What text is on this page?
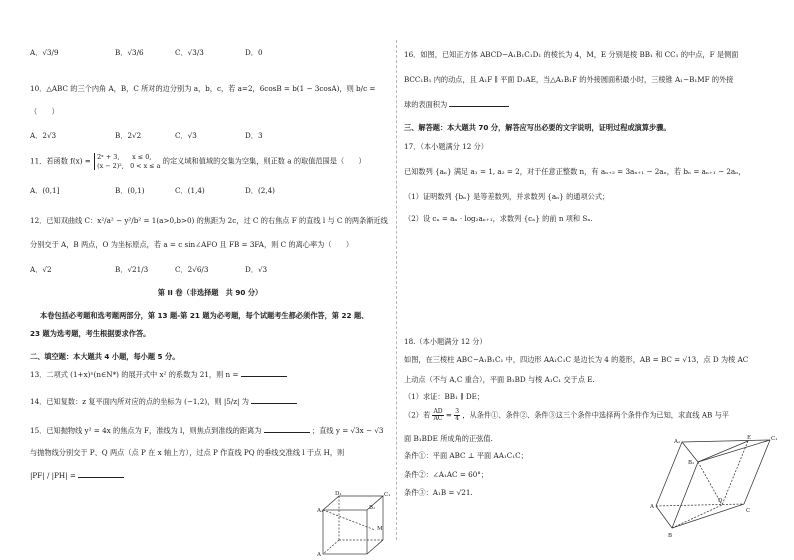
A．√3/9	B．√3/6	C．√3/3	D．0
10．△ABC 的三个内角 A，B，C 所对的边分别为 a，b，c，若 a=2，6cosB = b(1 − 3cosA)，则 b/c =
（　　）
A．2√3	B．2√2	C．√3	D．3
11．若函数 f(x) = 2ˣ + 3,　　x ≤ 0,
(x − 2)²,　0 < x ≤ a 的定义域和值域的交集为空集，则正数 a 的取值范围是（　　）
A．(0,1]	B．(0,1)	C．(1,4)	D．(2,4)
12．已知双曲线 C：x²/a² − y²/b² = 1(a>0,b>0) 的焦距为 2c，过 C 的右焦点 F 的直线 l 与 C 的两条渐近线
分别交于 A，B 两点，O 为坐标原点，若 a = c sin∠AFO 且 FB = 3FA，则 C 的离心率为（　　）
A．√2	B．√21/3	C．2√6/3	D．√3
第 II 卷（非选择题　共 90 分）
本卷包括必考题和选考题两部分，第 13 题-第 21 题为必考题，每个试题考生都必须作答，第 22 题、
23 题为选考题，考生根据要求作答。
二、填空题：本大题共 4 小题，每小题 5 分。
13．二项式 (1+x)ⁿ(n∈N*) 的展开式中 x² 的系数为 21，则 n =
14．已知复数：z 复平面内所对应的点的坐标为 (−1,2)，则 |5/z| 为
15．已知抛物线 y² = 4x 的焦点为 F，准线为 l，则焦点到准线的距离为	；直线 y = √3x − √3
与抛物线分别交于 P、Q 两点（点 P 在 x 轴上方），过点 P 作直线 PQ 的垂线交准线 l 于点 H，则
|PF| / |PH| =
A₁
D₁	C₁
B₁
M
A
16．如图，已知正方体 ABCD−A₁B₁C₁D₁ 的棱长为 4，M，E 分别是棱 BB₁ 和 CC₁ 的中点，F 是侧面
BCC₁B₁ 内的动点，且 A₁F ∥ 平面 D₁AE，当△A₁B₁F 的外接圆面积最小时，三棱锥 A₁−B₁MF 的外接
球的表面积为
三、解答题：本大题共 70 分，解答应写出必要的文字说明，证明过程或演算步骤。
17．（本小题满分 12 分）
已知数列 {aₙ} 满足 a₁ = 1, a₂ = 2，对于任意正整数 n，有 aₙ₊₂ = 3aₙ₊₁ − 2aₙ，若 bₙ = aₙ₊₁ − 2aₙ，
（1）证明数列 {bₙ} 是等差数列，并求数列 {aₙ} 的通项公式；
（2）设 cₙ = aₙ · log₂aₙ₊₁，求数列 {cₙ} 的前 n 项和 Sₙ.
18.（本小题满分 12 分）
如图，在三棱柱 ABC−A₁B₁C₁ 中，四边形 AA₁C₁C 是边长为 4 的菱形，AB = BC = √13，点 D 为棱 AC
上动点（不与 A,C 重合），平面 B₁BD 与棱 A₁C₁ 交于点 E.
（1）求证：BB₁ ∥ DE；
（2）若 $\frac{AD}{AC} = \frac{3}{4}$ ，从条件①、条件②、条件③这三个条件中选择两个条件作为已知，求直线 AB 与平
面 B₁BDE 所成角的正弦值.
条件①：平面 ABC ⊥ 平面 AA₁C₁C；
条件②：∠A₁AC = 60°；
条件③：A₁B = √21.
A₁
B₁
C₁
E
A
B
C
D
